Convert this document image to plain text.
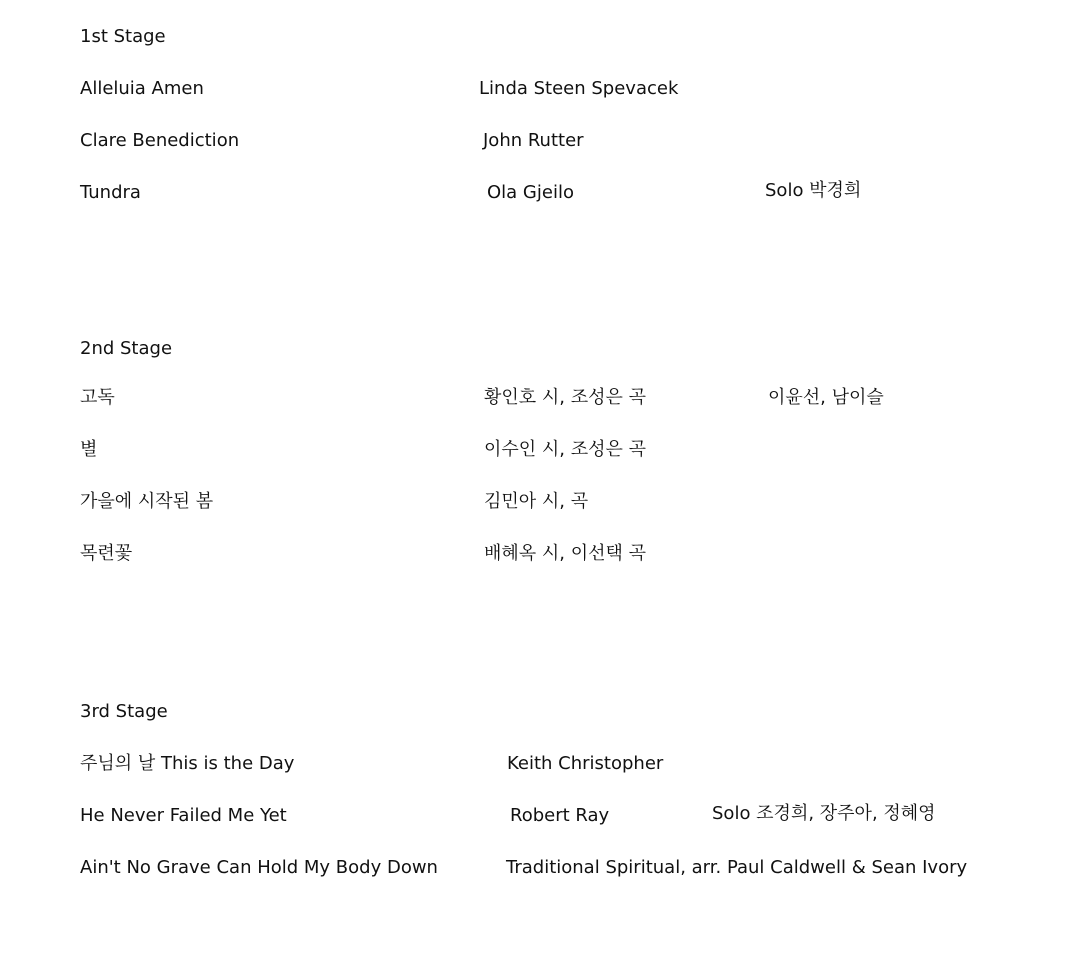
1st Stage
Alleluia Amen	Linda Steen Spevacek
Clare Benediction	John Rutter
Tundra	Ola Gjeilo	Solo 박경희
2nd Stage
고독	황인호 시, 조성은 곡	이윤선, 남이슬
별	이수인 시, 조성은 곡
가을에 시작된 봄	김민아 시, 곡
목련꽃	배혜옥 시, 이선택 곡
3rd Stage
주님의 날 This is the Day	Keith Christopher
He Never Failed Me Yet	Robert Ray	Solo 조경희, 장주아, 정혜영
Ain't No Grave Can Hold My Body Down	Traditional Spiritual, arr. Paul Caldwell & Sean Ivory
